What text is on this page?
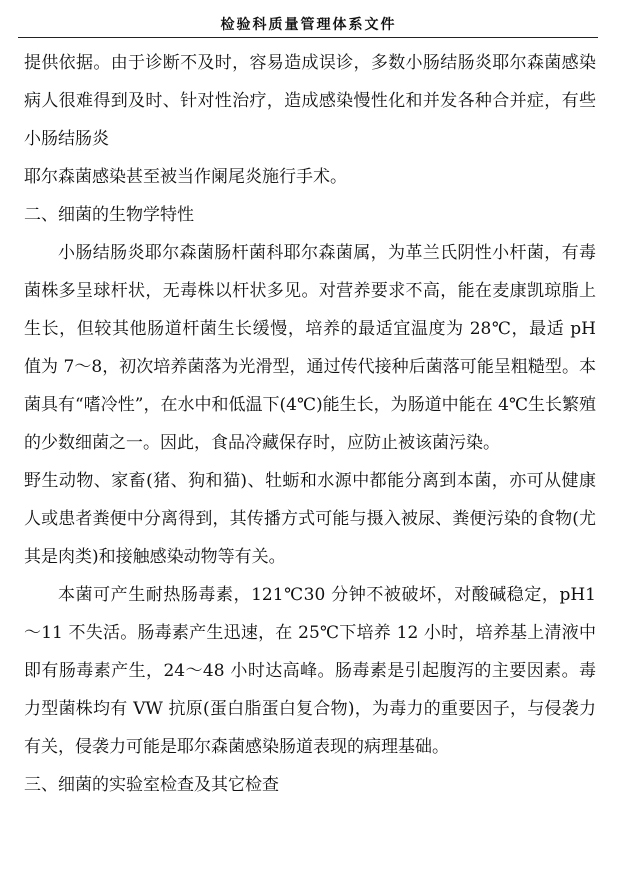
检验科质量管理体系文件

提供依据。由于诊断不及时，容易造成误诊，多数小肠结肠炎耶尔森菌感染病人很难得到及时、针对性治疗，造成感染慢性化和并发各种合并症，有些小肠结肠炎

耶尔森菌感染甚至被当作阑尾炎施行手术。

二、细菌的生物学特性

小肠结肠炎耶尔森菌肠杆菌科耶尔森菌属，为革兰氏阴性小杆菌，有毒菌株多呈球杆状，无毒株以杆状多见。对营养要求不高，能在麦康凯琼脂上生长，但较其他肠道杆菌生长缓慢，培养的最适宜温度为 28℃，最适 pH 值为 7～8，初次培养菌落为光滑型，通过传代接种后菌落可能呈粗糙型。本菌具有“嗜冷性”，在水中和低温下(4℃)能生长，为肠道中能在 4℃生长繁殖的少数细菌之一。因此，食品冷藏保存时，应防止被该菌污染。

野生动物、家畜(猪、狗和猫)、牡蛎和水源中都能分离到本菌，亦可从健康人或患者粪便中分离得到，其传播方式可能与摄入被尿、粪便污染的食物(尤其是肉类)和接触感染动物等有关。

本菌可产生耐热肠毒素，121℃30 分钟不被破坏，对酸碱稳定，pH1～11 不失活。肠毒素产生迅速，在 25℃下培养 12 小时，培养基上清液中即有肠毒素产生，24～48 小时达高峰。肠毒素是引起腹泻的主要因素。毒力型菌株均有 VW 抗原(蛋白脂蛋白复合物)，为毒力的重要因子，与侵袭力有关，侵袭力可能是耶尔森菌感染肠道表现的病理基础。

三、细菌的实验室检查及其它检查
